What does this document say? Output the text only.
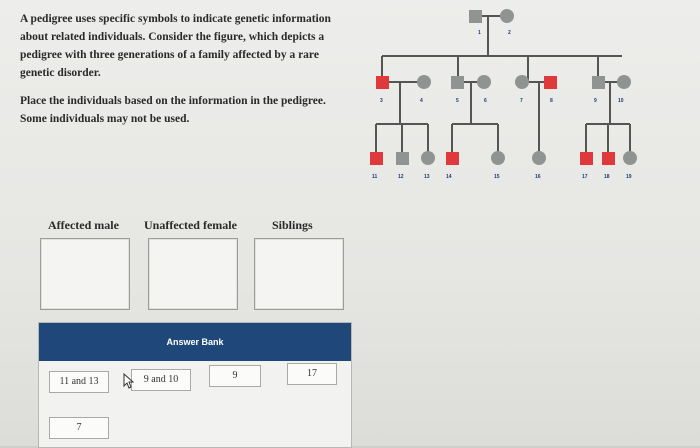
A pedigree uses specific symbols to indicate genetic information about related individuals. Consider the figure, which depicts a pedigree with three generations of a family affected by a rare genetic disorder.

Place the individuals based on the information in the pedigree. Some individuals may not be used.

1	2
3	4	5	6	7	8	9	10
11	12	13	14	15	16	17	18	19
Affected male Unaffected female	Siblings
Answer Bank
11 and 13	9 and 10	9	17
7
